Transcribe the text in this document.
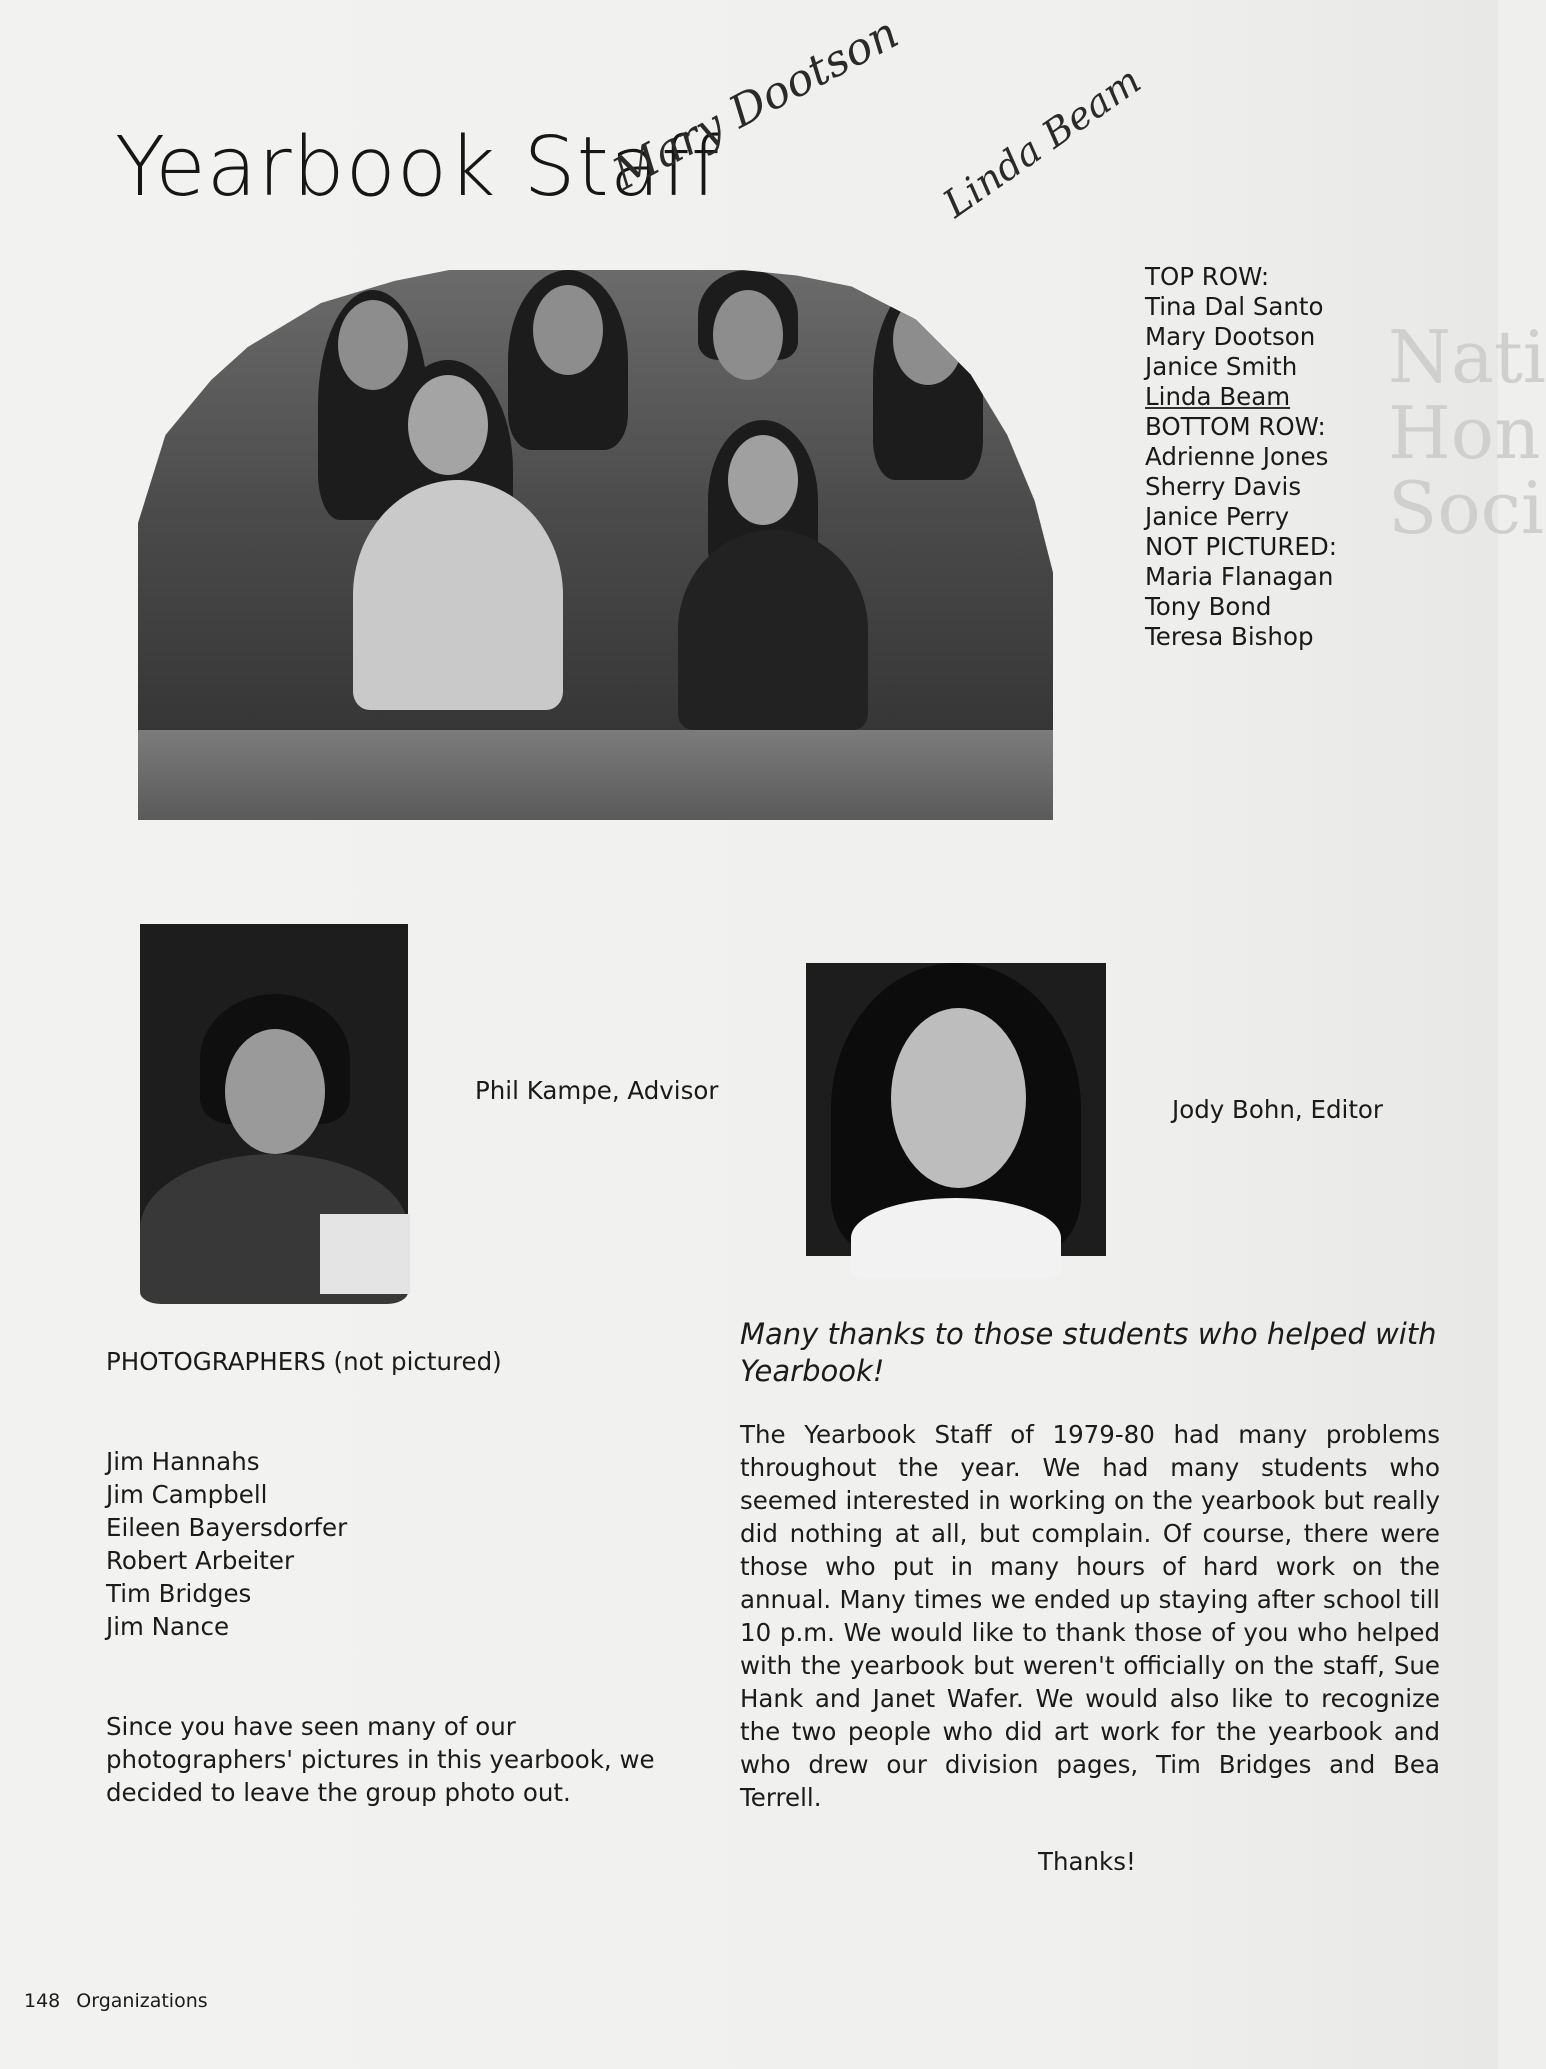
Nati
Hon
Soci
Yearbook Staff
Mary Dootson Linda Beam
TOP ROW:
Tina Dal Santo
Mary Dootson
Janice Smith
Linda Beam
BOTTOM ROW:
Adrienne Jones
Sherry Davis
Janice Perry
NOT PICTURED:
Maria Flanagan
Tony Bond
Teresa Bishop
Phil Kampe, Advisor
Jody Bohn, Editor
PHOTOGRAPHERS (not pictured)
Jim Hannahs
Jim Campbell
Eileen Bayersdorfer
Robert Arbeiter
Tim Bridges
Jim Nance
Since you have seen many of our photographers' pictures in this yearbook, we decided to leave the group photo out.
Many thanks to those students who helped with Yearbook!
The Yearbook Staff of 1979-80 had many problems throughout the year. We had many students who seemed interested in working on the yearbook but really did nothing at all, but complain. Of course, there were those who put in many hours of hard work on the annual. Many times we ended up staying after school till 10 p.m. We would like to thank those of you who helped with the yearbook but weren't officially on the staff, Sue Hank and Janet Wafer. We would also like to recognize the two people who did art work for the yearbook and who drew our division pages, Tim Bridges and Bea Terrell.
Thanks!
148 Organizations
